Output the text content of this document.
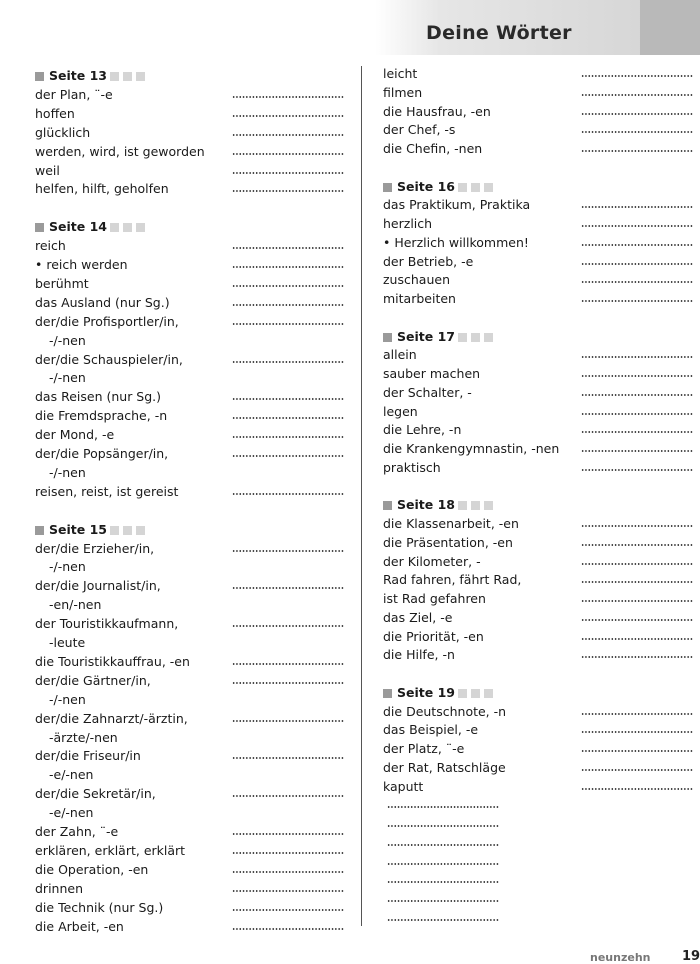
Deine Wörter
Seite 13
der Plan, ¨-e
hoffen
glücklich
werden, wird, ist geworden
weil
helfen, hilft, geholfen
Seite 14
reich
• reich werden
berühmt
das Ausland (nur Sg.)
der/die Profisportler/in,
-/-nen
der/die Schauspieler/in,
-/-nen
das Reisen (nur Sg.)
die Fremdsprache, -n
der Mond, -e
der/die Popsänger/in,
-/-nen
reisen, reist, ist gereist
Seite 15
der/die Erzieher/in,
-/-nen
der/die Journalist/in,
-en/-nen
der Touristikkaufmann,
-leute
die Touristikkauffrau, -en
der/die Gärtner/in,
-/-nen
der/die Zahnarzt/-ärztin,
-ärzte/-nen
der/die Friseur/in
-e/-nen
der/die Sekretär/in,
-e/-nen
der Zahn, ¨-e
erklären, erklärt, erklärt
die Operation, -en
drinnen
die Technik (nur Sg.)
die Arbeit, -en
leicht
filmen
die Hausfrau, -en
der Chef, -s
die Chefin, -nen
Seite 16
das Praktikum, Praktika
herzlich
• Herzlich willkommen!
der Betrieb, -e
zuschauen
mitarbeiten
Seite 17
allein
sauber machen
der Schalter, -
legen
die Lehre, -n
die Krankengymnastin, -nen
praktisch
Seite 18
die Klassenarbeit, -en
die Präsentation, -en
der Kilometer, -
Rad fahren, fährt Rad,
ist Rad gefahren
das Ziel, -e
die Priorität, -en
die Hilfe, -n
Seite 19
die Deutschnote, -n
das Beispiel, -e
der Platz, ¨-e
der Rat, Ratschläge
kaputt
neunzehn 19
